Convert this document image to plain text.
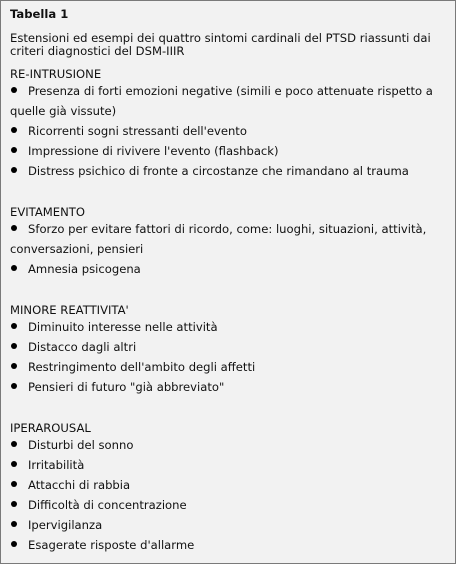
Tabella 1
Estensioni ed esempi dei quattro sintomi cardinali del PTSD riassunti dai
criteri diagnostici del DSM-IIIR
RE-INTRUSIONE
Presenza di forti emozioni negative (simili e poco attenuate rispetto a
quelle già vissute)
Ricorrenti sogni stressanti dell'evento
Impressione di rivivere l'evento (flashback)
Distress psichico di fronte a circostanze che rimandano al trauma
EVITAMENTO
Sforzo per evitare fattori di ricordo, come: luoghi, situazioni, attività,
conversazioni, pensieri
Amnesia psicogena
MINORE REATTIVITA'
Diminuito interesse nelle attività
Distacco dagli altri
Restringimento dell'ambito degli affetti
Pensieri di futuro "già abbreviato"
IPERAROUSAL
Disturbi del sonno
Irritabilità
Attacchi di rabbia
Difficoltà di concentrazione
Ipervigilanza
Esagerate risposte d'allarme
